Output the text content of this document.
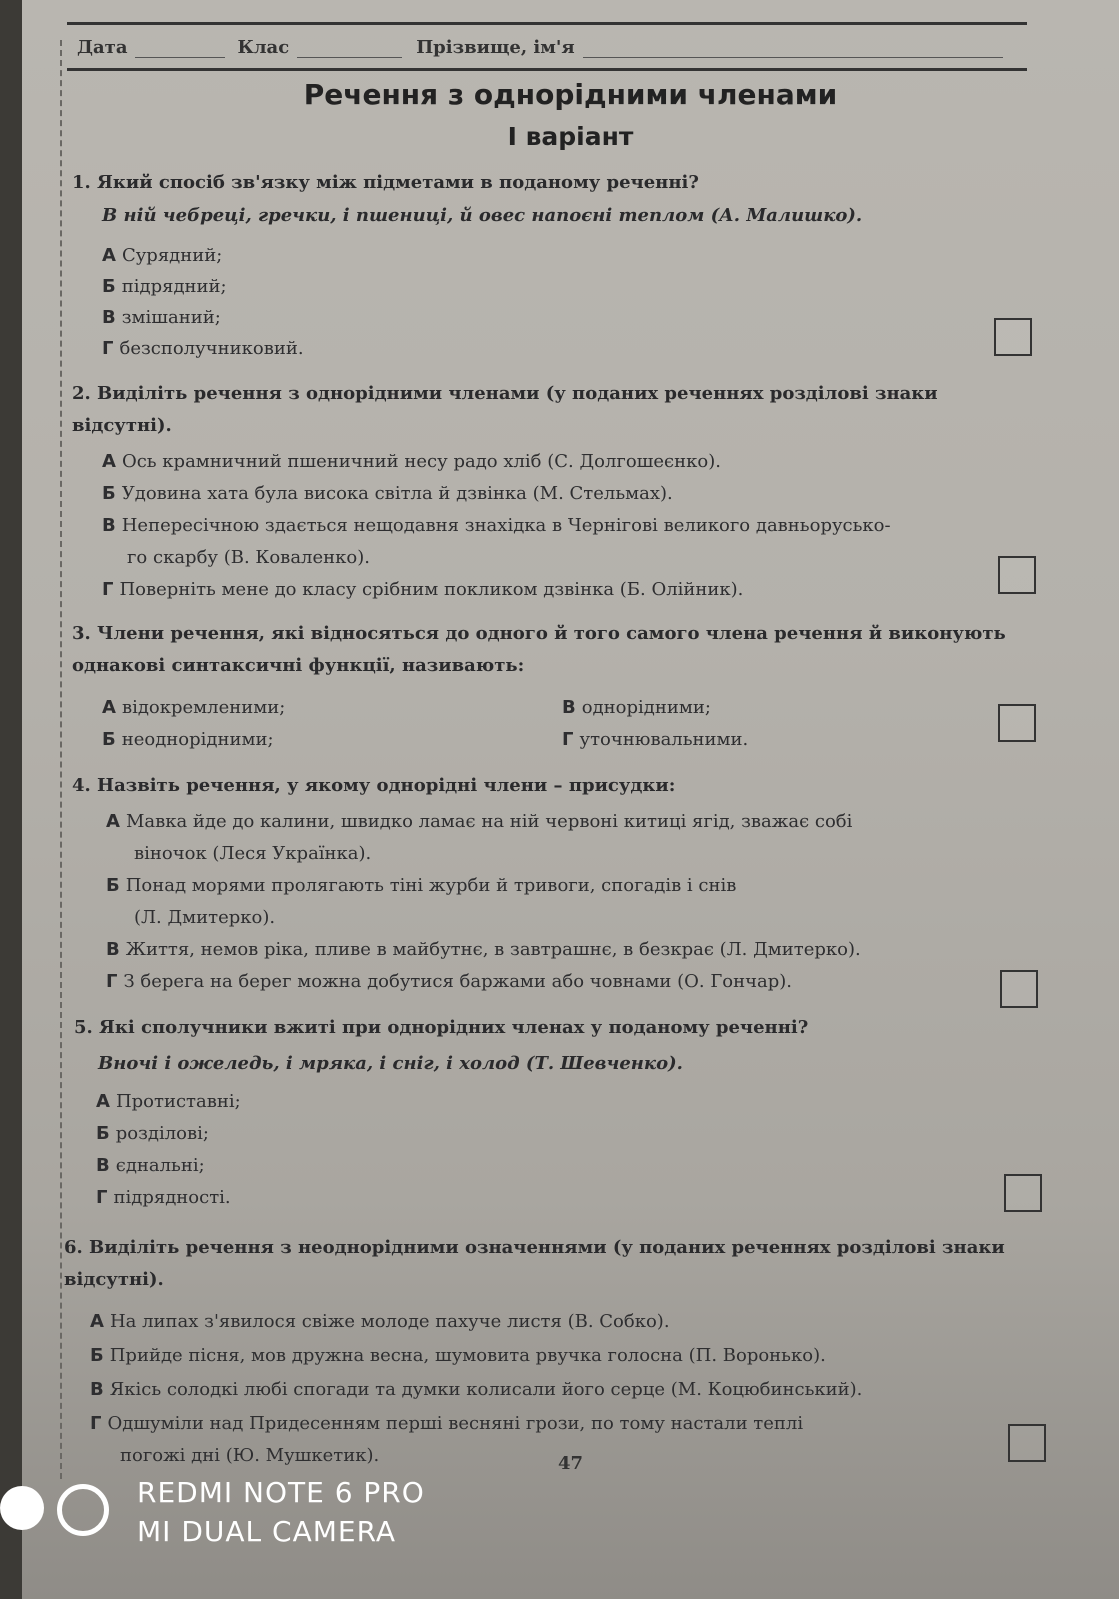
Дата	Клас	Прізвище, ім'я
Речення з однорідними членами
I варіант
1. Який спосіб зв'язку між підметами в поданому реченні?
В ній чебреці, гречки, і пшениці, й овес напоєні теплом (А. Малишко).
А Сурядний;
Б підрядний;
В змішаний;
Г безсполучниковий.
2. Виділіть речення з однорідними членами (у поданих реченнях розділові знаки відсутні).
А Ось крамничний пшеничний несу радо хліб (С. Долгошеєнко).
Б Удовина хата була висока світла й дзвінка (М. Стельмах).
В Непересічною здається нещодавня знахідка в Чернігові великого давньорусько-
го скарбу (В. Коваленко).
Г Поверніть мене до класу срібним покликом дзвінка (Б. Олійник).
3. Члени речення, які відносяться до одного й того самого члена речення й виконують однакові синтаксичні функції, називають:
А відокремленими;
Б неоднорідними;
В однорідними;
Г уточнювальними.
4. Назвіть речення, у якому однорідні члени – присудки:
А Мавка йде до калини, швидко ламає на ній червоні китиці ягід, зважає собі
віночок (Леся Українка).
Б Понад морями пролягають тіні журби й тривоги, спогадів і снів
(Л. Дмитерко).
В Життя, немов ріка, пливе в майбутнє, в завтрашнє, в безкрає (Л. Дмитерко).
Г З берега на берег можна добутися баржами або човнами (О. Гончар).
5. Які сполучники вжиті при однорідних членах у поданому реченні?
Вночі і ожеледь, і мряка, і сніг, і холод (Т. Шевченко).
А Протиставні;
Б розділові;
В єднальні;
Г підрядності.
6. Виділіть речення з неоднорідними означеннями (у поданих реченнях розділові знаки відсутні).
А На липах з'явилося свіже молоде пахуче листя (В. Собко).
Б Прийде пісня, мов дружна весна, шумовита рвучка голосна (П. Воронько).
В Якісь солодкі любі спогади та думки колисали його серце (М. Коцюбинський).
Г Одшуміли над Придесенням перші весняні грози, по тому настали теплі
погожі дні (Ю. Мушкетик).	47
REDMI NOTE 6 PRO
MI DUAL CAMERA
